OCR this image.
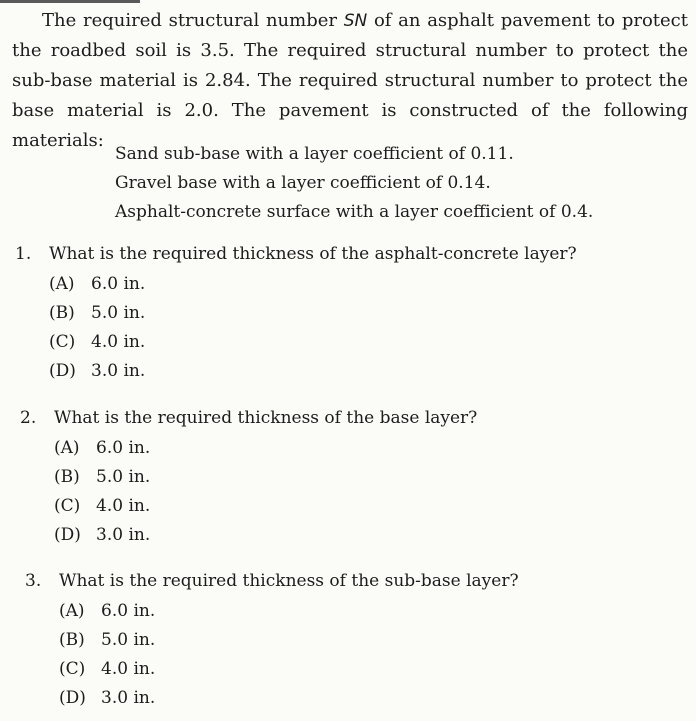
The required structural number SN of an asphalt pavement to protect the roadbed soil is 3.5. The required structural number to protect the sub-base material is 2.84. The required structural number to protect the base material is 2.0. The pavement is constructed of the following materials:

Sand sub-base with a layer coefficient of 0.11.
Gravel base with a layer coefficient of 0.14.
Asphalt-concrete surface with a layer coefficient of 0.4.
1.	What is the required thickness of the asphalt-concrete layer?
(A) 6.0 in.
(B) 5.0 in.
(C) 4.0 in.
(D) 3.0 in.
2.	What is the required thickness of the base layer?
(A) 6.0 in.
(B) 5.0 in.
(C) 4.0 in.
(D) 3.0 in.
3.	What is the required thickness of the sub-base layer?
(A) 6.0 in.
(B) 5.0 in.
(C) 4.0 in.
(D) 3.0 in.
